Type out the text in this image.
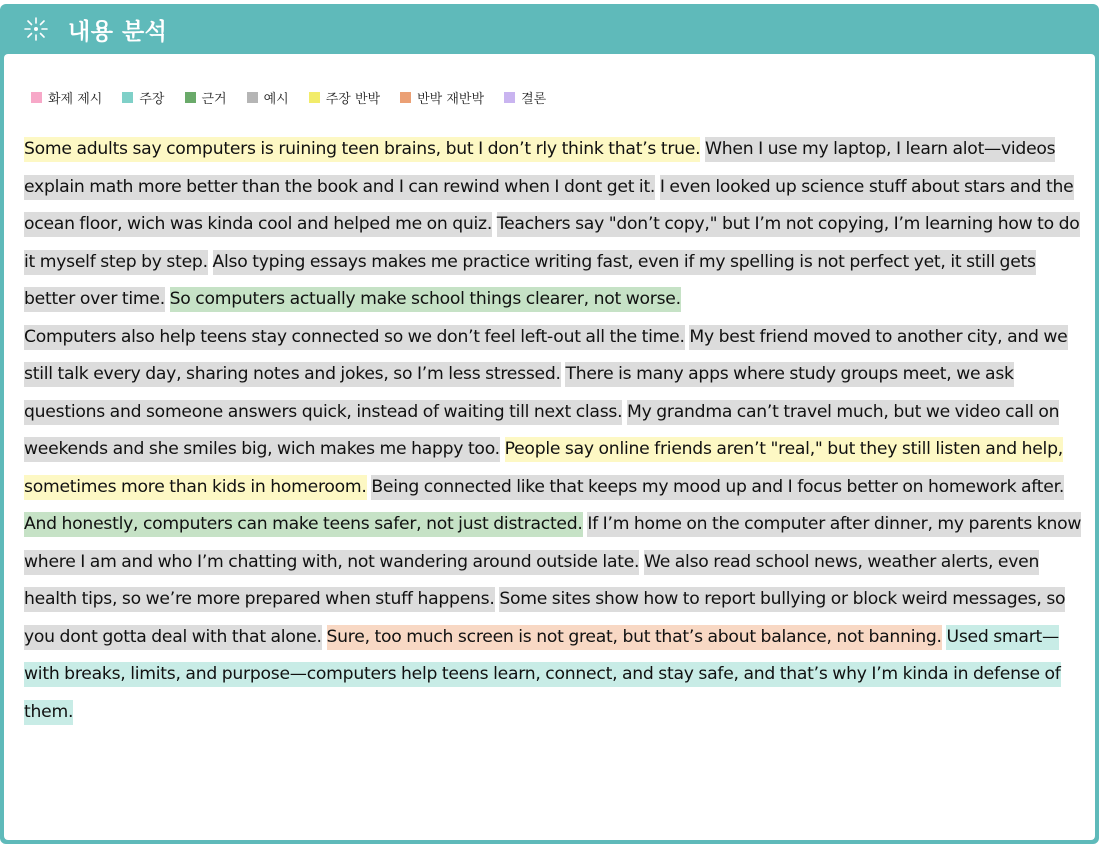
내용 분석
화제 제시	주장	근거	예시	주장 반박	반박 재반박	결론
Some adults say computers is ruining teen brains, but I don’t rly think that’s true. When I use my laptop, I learn alot—videos explain math more better than the book and I can rewind when I dont get it. I even looked up science stuff about stars and the ocean floor, wich was kinda cool and helped me on quiz. Teachers say "don’t copy," but I’m not copying, I’m learning how to do it myself step by step. Also typing essays makes me practice writing fast, even if my spelling is not perfect yet, it still gets better over time. So computers actually make school things clearer, not worse.
Computers also help teens stay connected so we don’t feel left-out all the time. My best friend moved to another city, and we still talk every day, sharing notes and jokes, so I’m less stressed. There is many apps where study groups meet, we ask questions and someone answers quick, instead of waiting till next class. My grandma can’t travel much, but we video call on weekends and she smiles big, wich makes me happy too. People say online friends aren’t "real," but they still listen and help, sometimes more than kids in homeroom. Being connected like that keeps my mood up and I focus better on homework after.
And honestly, computers can make teens safer, not just distracted. If I’m home on the computer after dinner, my parents know where I am and who I’m chatting with, not wandering around outside late. We also read school news, weather alerts, even health tips, so we’re more prepared when stuff happens. Some sites show how to report bullying or block weird messages, so you dont gotta deal with that alone. Sure, too much screen is not great, but that’s about balance, not banning. Used smart—with breaks, limits, and purpose—computers help teens learn, connect, and stay safe, and that’s why I’m kinda in defense of them.
